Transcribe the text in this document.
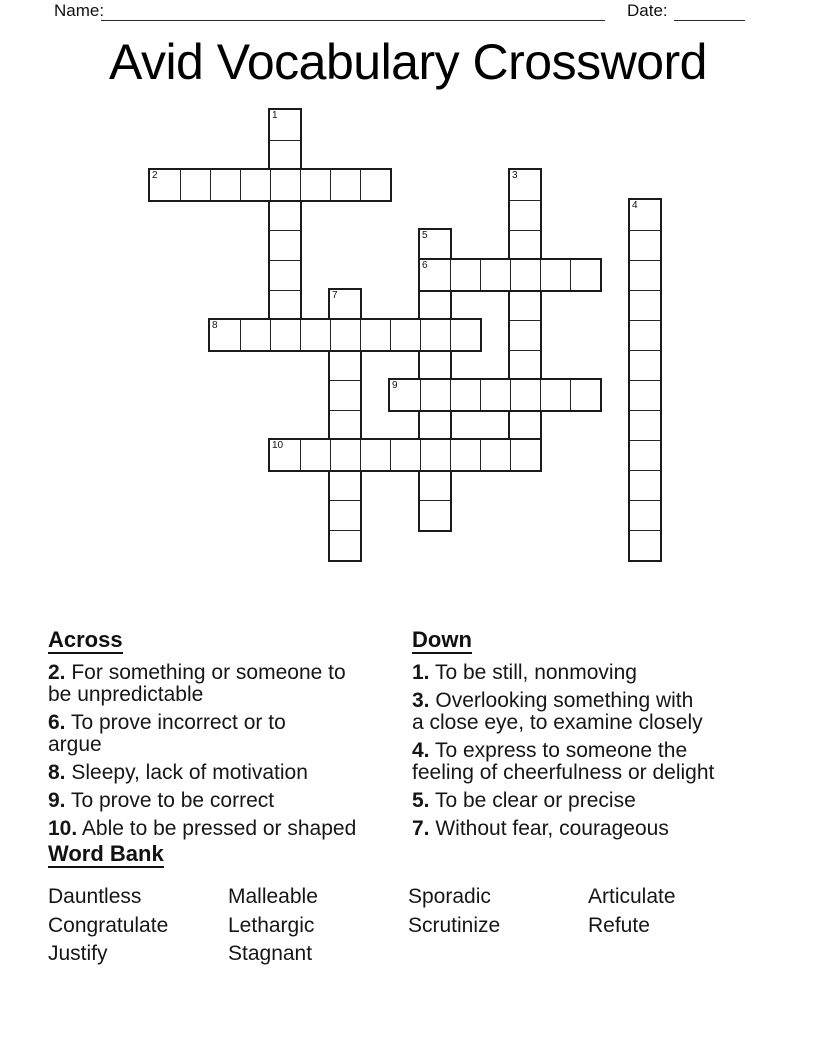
Name:	Date:
Avid Vocabulary Crossword
1
2	3
4
5
6
7
8
9
10
Across
2. For something or someone to
be unpredictable
6. To prove incorrect or to
argue
8. Sleepy, lack of motivation
9. To prove to be correct
10. Able to be pressed or shaped
Down
1. To be still, nonmoving
3. Overlooking something with
a close eye, to examine closely
4. To express to someone the
feeling of cheerfulness or delight
5. To be clear or precise
7. Without fear, courageous
Word Bank
Dauntless	Malleable	Sporadic	Articulate
Congratulate	Lethargic	Scrutinize	Refute
Justify	Stagnant
